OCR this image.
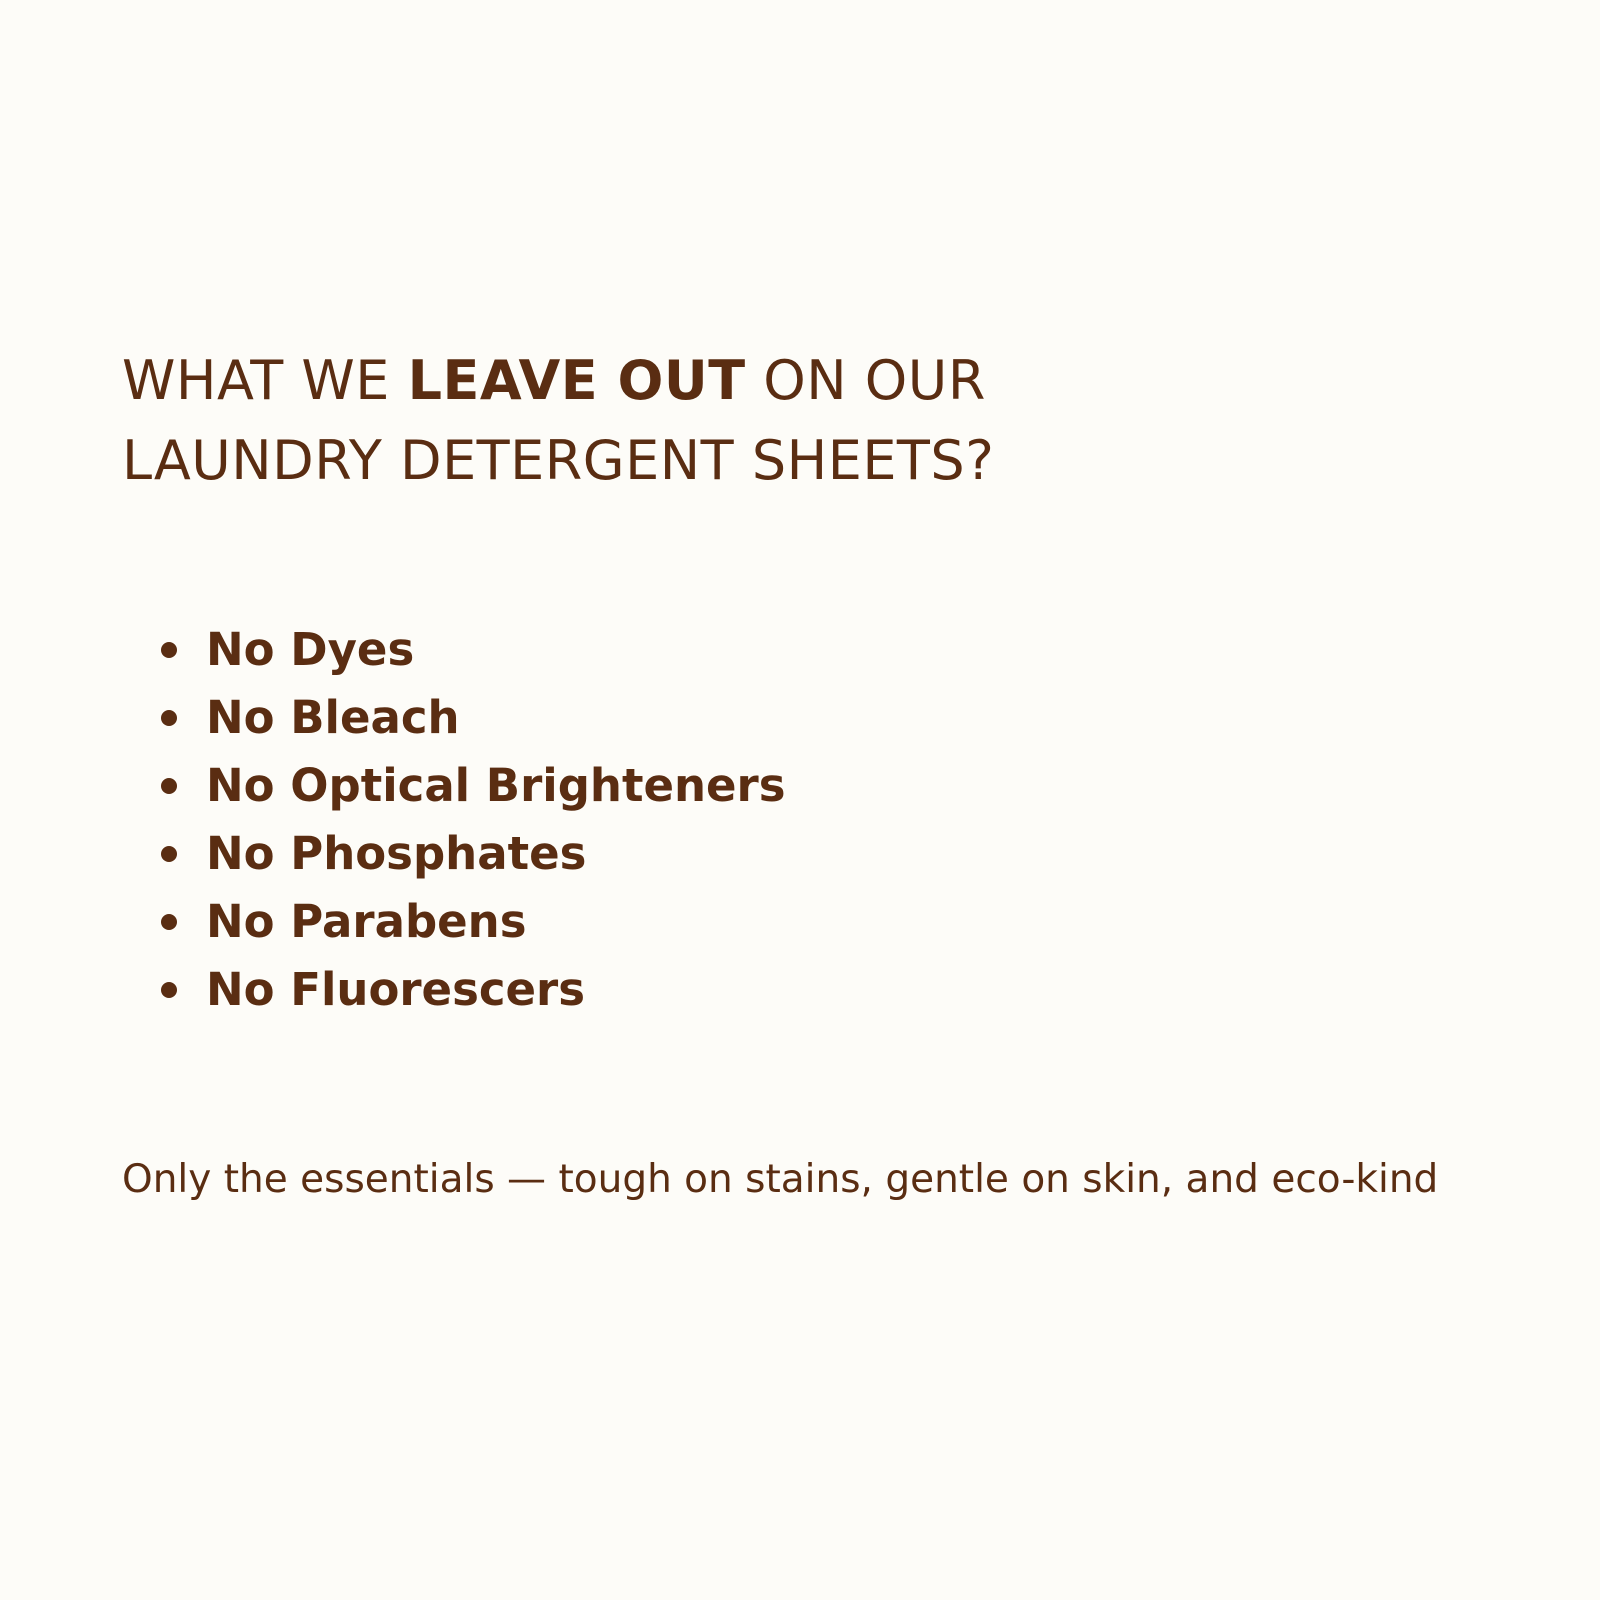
WHAT WE LEAVE OUT ON OUR
LAUNDRY DETERGENT SHEETS?
No Dyes
No Bleach
No Optical Brighteners
No Phosphates
No Parabens
No Fluorescers

Only the essentials — tough on stains, gentle on skin, and eco-kind
